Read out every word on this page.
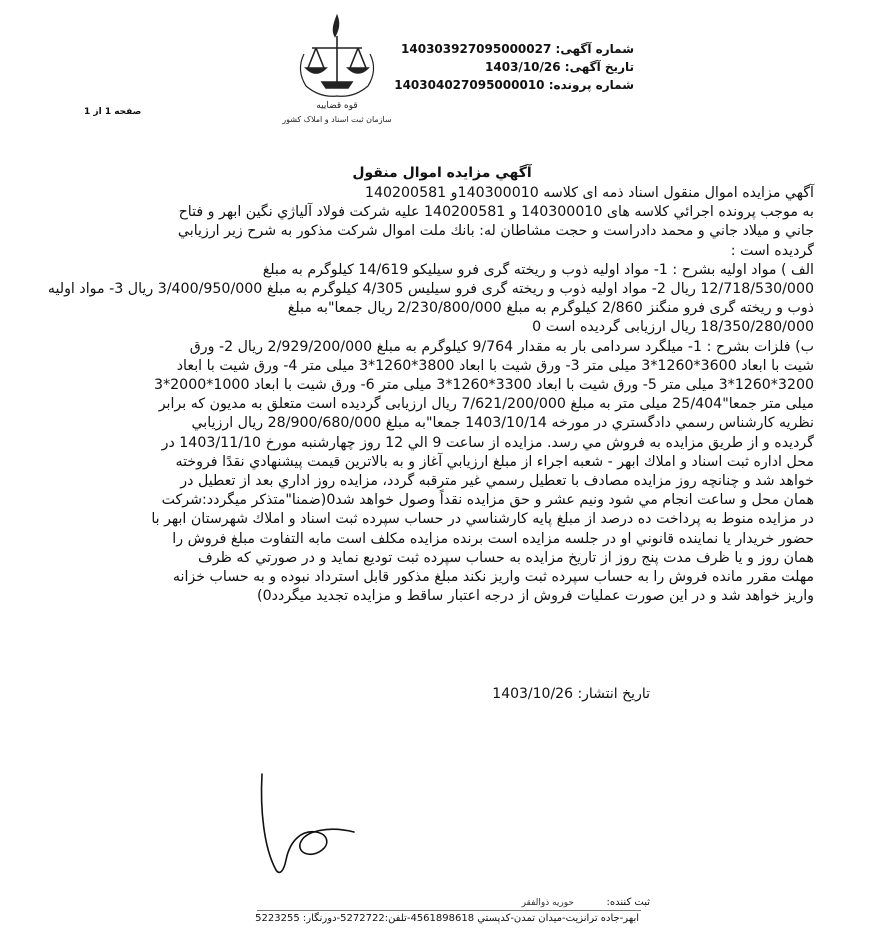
شماره آگهی: 140303927095000027
تاریخ آگهی: 1403/10/26
شماره پرونده: 140304027095000010
صفحه 1 از 1
قوه قضاییه
سازمان ثبت اسناد و املاک کشور
آگهي مزايده اموال منقول

آگهي مزايده اموال منقول اسناد ذمه ای کلاسه 140300010و 140200581
به موجب پرونده اجرائي کلاسه های 140300010 و 140200581 علیه شرکت فولاد آلیاژي نگین ابهر و فتاح
جاني و میلاد جاني و محمد دادراست و حجت مشاطان له: بانك ملت اموال شرکت مذکور به شرح زير ارزيابي
گرديده است :
الف ) مواد اولیه بشرح : 1- مواد اولیه ذوب و ریخته گری فرو سیلیکو 14/619 کیلوگرم به مبلغ
12/718/530/000 ریال 2- مواد اولیه ذوب و ریخته گری فرو سیلیس 4/305 کیلوگرم به مبلغ 3/400/950/000 ریال 3- مواد اولیه
ذوب و ریخته گری فرو منگنز 2/860 کیلوگرم به مبلغ 2/230/800/000 ریال جمعا"به مبلغ
18/350/280/000 ریال ارزیابی گردیده است 0
ب) فلزات بشرح : 1- میلگرد سردامی بار به مقدار 9/764 کیلوگرم به مبلغ 2/929/200/000 ریال 2- ورق
شیت با ابعاد 3600*1260*3 میلی متر 3- ورق شیت با ابعاد 3800*1260*3 میلی متر 4- ورق شیت با ابعاد
3200*1260*3 میلی متر 5- ورق شیت با ابعاد 3300*1260*3 میلی متر 6- ورق شیت با ابعاد 1000*2000*3
میلی متر جمعا"25/404 میلی متر به مبلغ 7/621/200/000 ریال ارزیابی گردیده است متعلق به مدیون که برابر
نظریه کارشناس رسمي دادگستري در مورخه 1403/10/14 جمعا"به مبلغ 28/900/680/000 ریال ارزیابي
گرديده و از طريق مزايده به فروش مي رسد. مزايده از ساعت 9 الي 12 روز چهارشنبه مورخ 1403/11/10 در
محل اداره ثبت اسناد و املاك ابهر - شعبه اجراء از مبلغ ارزيابي آغاز و به بالاترين قيمت پيشنهادي نقدًا فروخته
خواهد شد و چنانچه روز مزايده مصادف با تعطيل رسمي غير مترقبه گردد، مزايده روز اداري بعد از تعطيل در
همان محل و ساعت انجام مي شود ونيم عشر و حق مزايده نقداً وصول خواهد شد0(ضمنا"متذكر ميگردد:شركت
در مزايده منوط به پرداخت ده درصد از مبلغ پايه كارشناسي در حساب سپرده ثبت اسناد و املاك شهرستان ابهر با
حضور خريدار يا نماينده قانوني او در جلسه مزايده است برنده مزايده مكلف است مابه التفاوت مبلغ فروش را
همان روز و يا ظرف مدت پنج روز از تاريخ مزايده به حساب سپرده ثبت توديع نمايد و در صورتي كه ظرف
مهلت مقرر مانده فروش را به حساب سپرده ثبت واريز نكند مبلغ مذكور قابل استرداد نبوده و به حساب خزانه
واريز خواهد شد و در اين صورت عمليات فروش از درجه اعتبار ساقط و مزايده تجديد ميگردد0)

تاريخ انتشار: 1403/10/26
ثبت کننده:
حوریه ذوالفقر
ابهر-جاده ترانزيت-ميدان تمدن-کدپستي 4561898618-تلفن:5272722-دورنگار: 5223255
